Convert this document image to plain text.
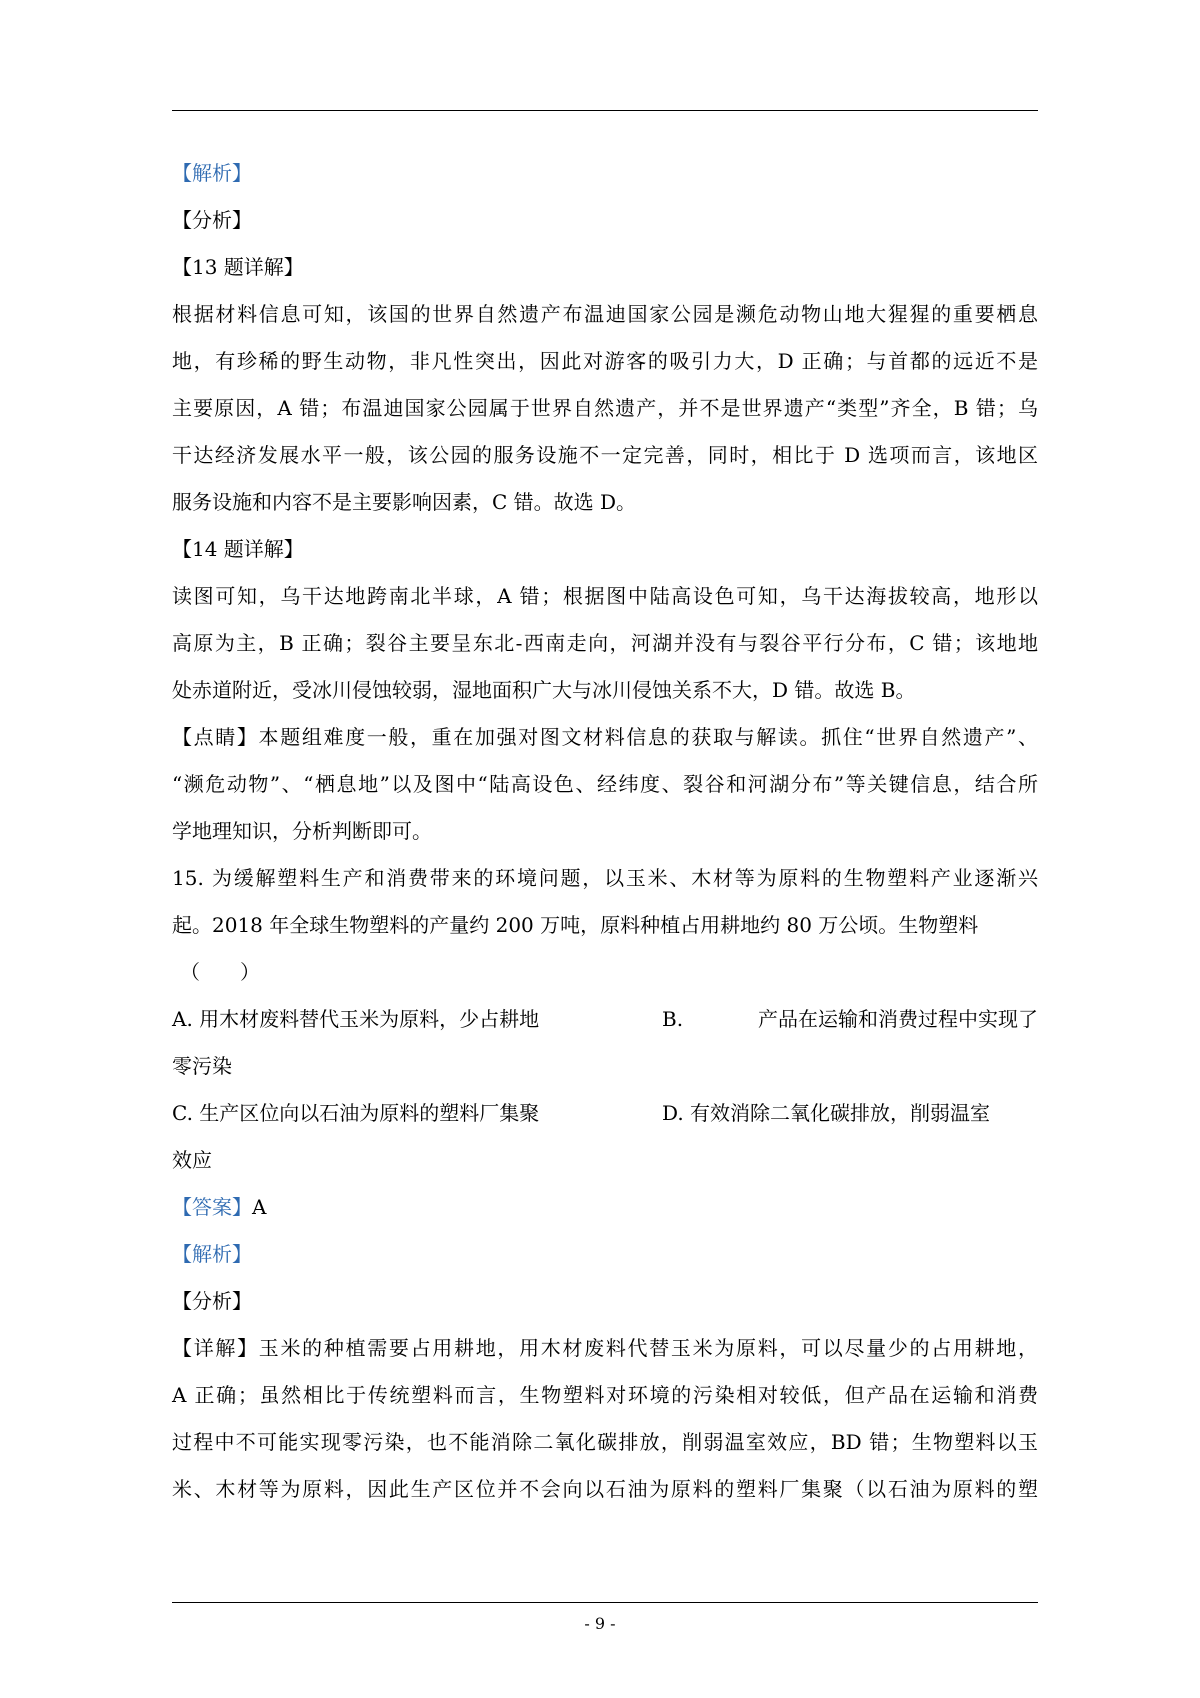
【解析】
【分析】
【13 题详解】
根据材料信息可知，该国的世界自然遗产布温迪国家公园是濒危动物山地大猩猩的重要栖息
地，有珍稀的野生动物，非凡性突出，因此对游客的吸引力大，D 正确；与首都的远近不是
主要原因，A 错；布温迪国家公园属于世界自然遗产，并不是世界遗产“类型”齐全，B 错；乌
干达经济发展水平一般，该公园的服务设施不一定完善，同时，相比于 D 选项而言，该地区
服务设施和内容不是主要影响因素，C 错。故选 D。
【14 题详解】
读图可知，乌干达地跨南北半球，A 错；根据图中陆高设色可知，乌干达海拔较高，地形以
高原为主，B 正确；裂谷主要呈东北-西南走向，河湖并没有与裂谷平行分布，C 错；该地地
处赤道附近，受冰川侵蚀较弱，湿地面积广大与冰川侵蚀关系不大，D 错。故选 B。
【点睛】本题组难度一般，重在加强对图文材料信息的获取与解读。抓住“世界自然遗产”、
“濒危动物”、“栖息地”以及图中“陆高设色、经纬度、裂谷和河湖分布”等关键信息，结合所
学地理知识，分析判断即可。
15. 为缓解塑料生产和消费带来的环境问题，以玉米、木材等为原料的生物塑料产业逐渐兴
起。2018 年全球生物塑料的产量约 200 万吨，原料种植占用耕地约 80 万公顷。生物塑料
（　　）
A. 用木材废料替代玉米为原料，少占耕地	B.	产品在运输和消费过程中实现了
零污染
C. 生产区位向以石油为原料的塑料厂集聚	D. 有效消除二氧化碳排放，削弱温室
效应
【答案】A
【解析】
【分析】
【详解】玉米的种植需要占用耕地，用木材废料代替玉米为原料，可以尽量少的占用耕地，
A 正确；虽然相比于传统塑料而言，生物塑料对环境的污染相对较低，但产品在运输和消费
过程中不可能实现零污染，也不能消除二氧化碳排放，削弱温室效应，BD 错；生物塑料以玉
米、木材等为原料，因此生产区位并不会向以石油为原料的塑料厂集聚（以石油为原料的塑
- 9 -
